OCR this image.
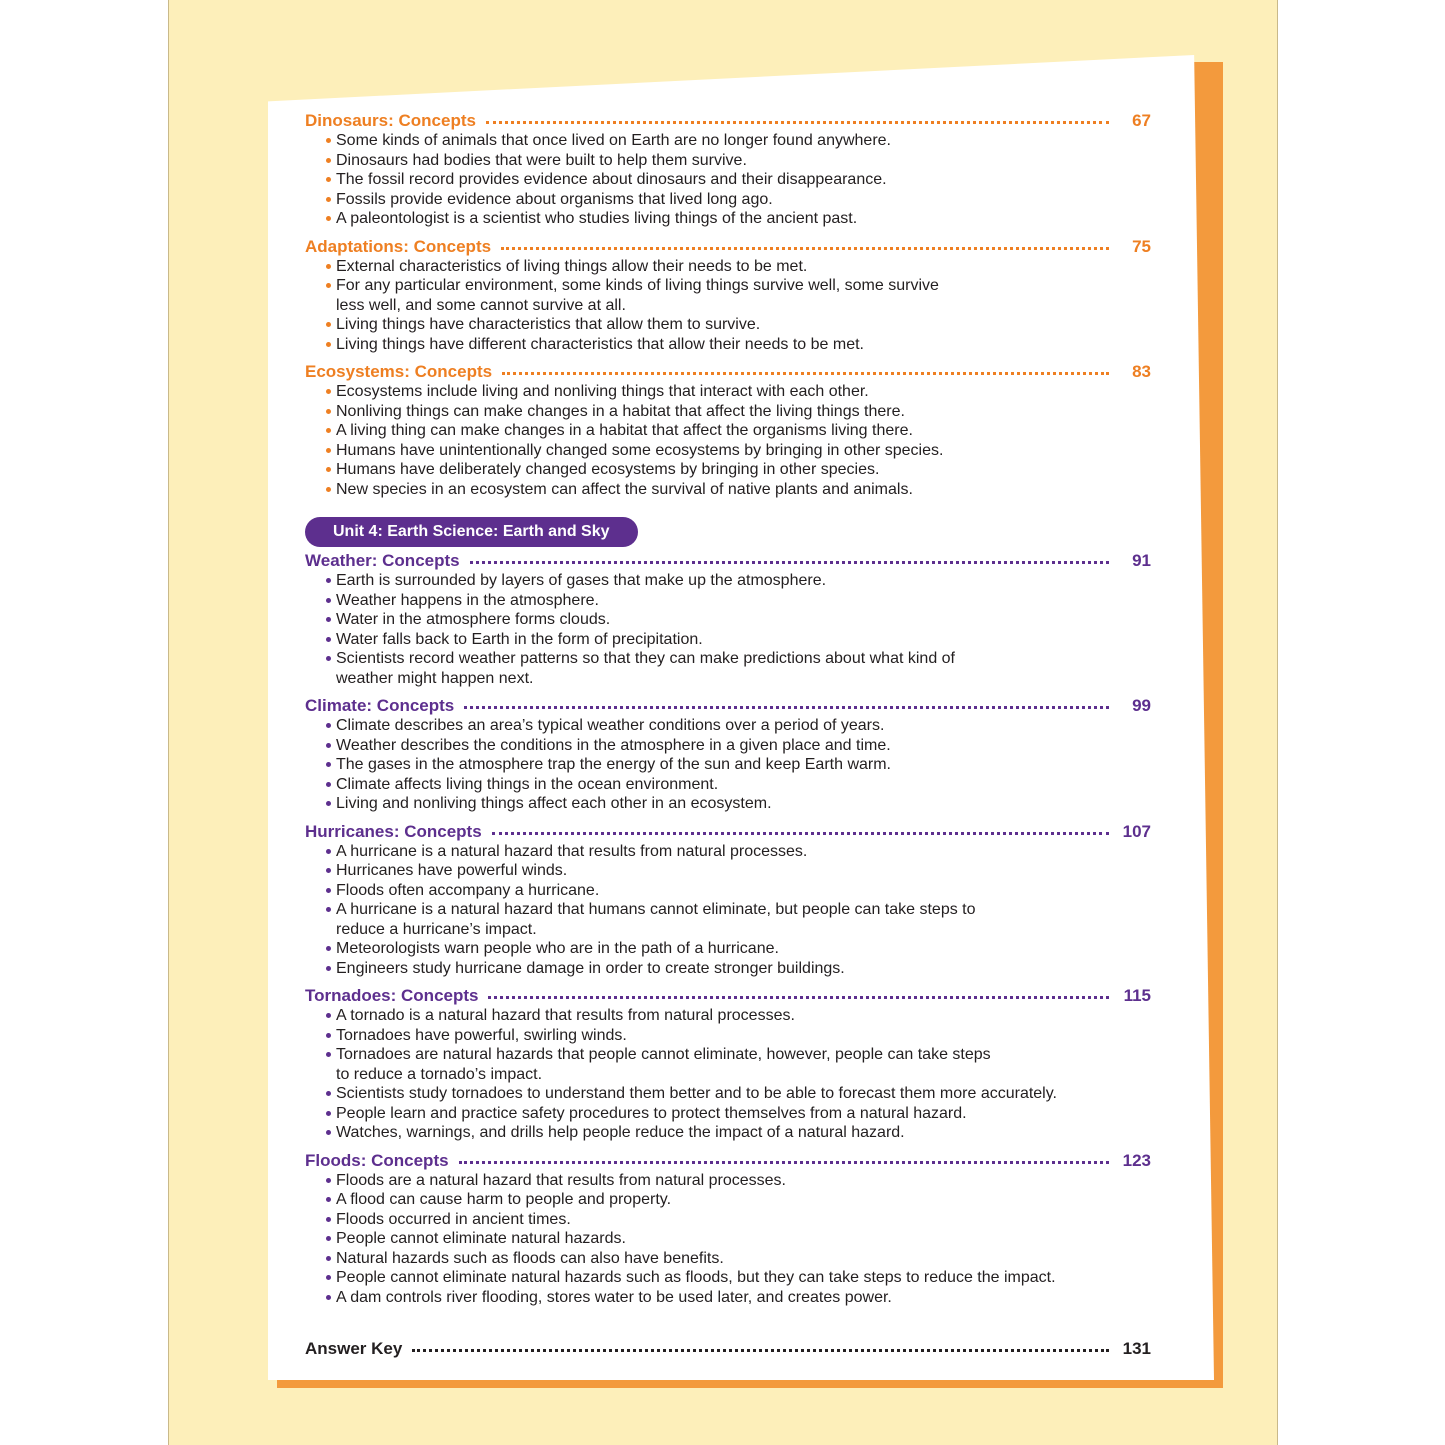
Dinosaurs: Concepts	67
Some kinds of animals that once lived on Earth are no longer found anywhere.
Dinosaurs had bodies that were built to help them survive.
The fossil record provides evidence about dinosaurs and their disappearance.
Fossils provide evidence about organisms that lived long ago.
A paleontologist is a scientist who studies living things of the ancient past.
Adaptations: Concepts	75
External characteristics of living things allow their needs to be met.
For any particular environment, some kinds of living things survive well, some survive less well, and some cannot survive at all.
Living things have characteristics that allow them to survive.
Living things have different characteristics that allow their needs to be met.
Ecosystems: Concepts	83
Ecosystems include living and nonliving things that interact with each other.
Nonliving things can make changes in a habitat that affect the living things there.
A living thing can make changes in a habitat that affect the organisms living there.
Humans have unintentionally changed some ecosystems by bringing in other species.
Humans have deliberately changed ecosystems by bringing in other species.
New species in an ecosystem can affect the survival of native plants and animals.
Unit 4: Earth Science: Earth and Sky
Weather: Concepts	91
Earth is surrounded by layers of gases that make up the atmosphere.
Weather happens in the atmosphere.
Water in the atmosphere forms clouds.
Water falls back to Earth in the form of precipitation.
Scientists record weather patterns so that they can make predictions about what kind of weather might happen next.
Climate: Concepts	99
Climate describes an area’s typical weather conditions over a period of years.
Weather describes the conditions in the atmosphere in a given place and time.
The gases in the atmosphere trap the energy of the sun and keep Earth warm.
Climate affects living things in the ocean environment.
Living and nonliving things affect each other in an ecosystem.
Hurricanes: Concepts	107
A hurricane is a natural hazard that results from natural processes.
Hurricanes have powerful winds.
Floods often accompany a hurricane.
A hurricane is a natural hazard that humans cannot eliminate, but people can take steps to reduce a hurricane’s impact.
Meteorologists warn people who are in the path of a hurricane.
Engineers study hurricane damage in order to create stronger buildings.
Tornadoes: Concepts	115
A tornado is a natural hazard that results from natural processes.
Tornadoes have powerful, swirling winds.
Tornadoes are natural hazards that people cannot eliminate, however, people can take steps to reduce a tornado’s impact.
Scientists study tornadoes to understand them better and to be able to forecast them more accurately.
People learn and practice safety procedures to protect themselves from a natural hazard.
Watches, warnings, and drills help people reduce the impact of a natural hazard.
Floods: Concepts	123
Floods are a natural hazard that results from natural processes.
A flood can cause harm to people and property.
Floods occurred in ancient times.
People cannot eliminate natural hazards.
Natural hazards such as floods can also have benefits.
People cannot eliminate natural hazards such as floods, but they can take steps to reduce the impact.
A dam controls river flooding, stores water to be used later, and creates power.
Answer Key	131
